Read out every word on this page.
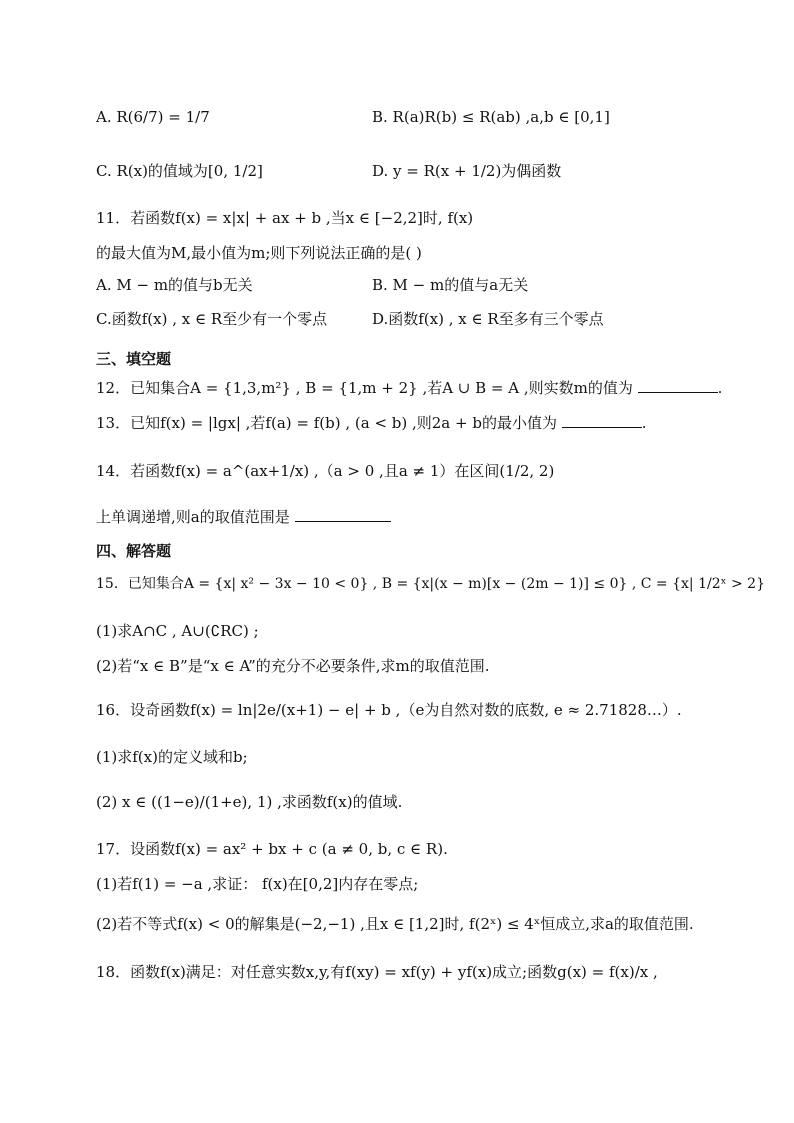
A. R(6/7) = 1/7	B. R(a)R(b) ≤ R(ab) ,a,b ∈ [0,1]
C. R(x)的值域为[0, 1/2]	D. y = R(x + 1/2)为偶函数
11．若函数f(x) = x|x| + ax + b ,当x ∈ [−2,2]时, f(x)
的最大值为M,最小值为m;则下列说法正确的是( )
A. M − m的值与b无关	B. M − m的值与a无关
C.函数f(x) , x ∈ R至少有一个零点	D.函数f(x) , x ∈ R至多有三个零点
三、填空题
12．已知集合A = {1,3,m²} , B = {1,m + 2} ,若A ∪ B = A ,则实数m的值为	.
13．已知f(x) = |lgx| ,若f(a) = f(b) , (a < b) ,则2a + b的最小值为	.
14．若函数f(x) = a^(ax+1/x) ,（a > 0 ,且a ≠ 1）在区间(1/2, 2)
上单调递增,则a的取值范围是
四、解答题
15．已知集合A = {x| x² − 3x − 10 < 0} , B = {x|(x − m)[x − (2m − 1)] ≤ 0} , C = {x| 1/2ˣ > 2}
(1)求A∩C , A∪(∁RC) ;
(2)若“x ∈ B”是“x ∈ A”的充分不必要条件,求m的取值范围.
16．设奇函数f(x) = ln|2e/(x+1) − e| + b ,（e为自然对数的底数, e ≈ 2.71828…）.
(1)求f(x)的定义域和b;
(2) x ∈ ((1−e)/(1+e), 1) ,求函数f(x)的值域.
17．设函数f(x) = ax² + bx + c (a ≠ 0, b, c ∈ R).
(1)若f(1) = −a ,求证： f(x)在[0,2]内存在零点;
(2)若不等式f(x) < 0的解集是(−2,−1) ,且x ∈ [1,2]时, f(2ˣ) ≤ 4ˣ恒成立,求a的取值范围.
18．函数f(x)满足：对任意实数x,y,有f(xy) = xf(y) + yf(x)成立;函数g(x) = f(x)/x ,
